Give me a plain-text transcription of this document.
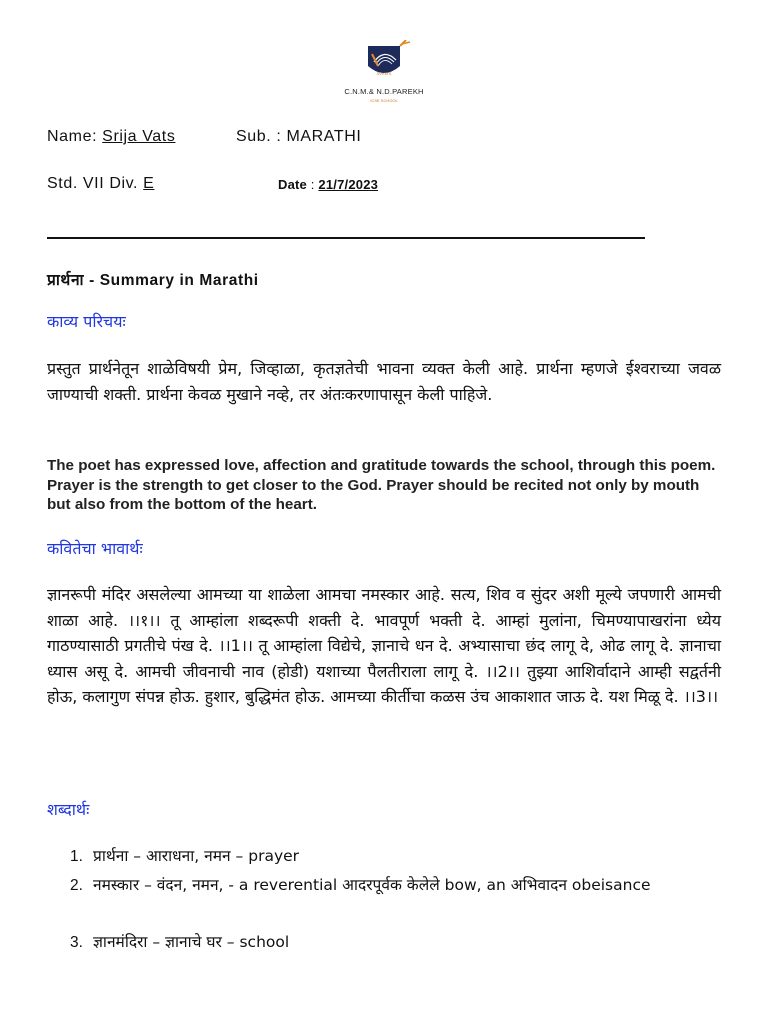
SVKM'S
C.N.M.& N.D.PAREKH
ICSE SCHOOL
Name: Srija Vats	Sub. : MARATHI
Std. VII Div. E	Date : 21/7/2023
प्रार्थना - Summary in Marathi
काव्य परिचयः

प्रस्तुत प्रार्थनेतून शाळेविषयी प्रेम, जिव्हाळा, कृतज्ञतेची भावना व्यक्त केली आहे. प्रार्थना म्हणजे ईश्वराच्या जवळ जाण्याची शक्ती. प्रार्थना केवळ मुखाने नव्हे, तर अंतःकरणापासून केली पाहिजे.

The poet has expressed love, affection and gratitude towards the school, through this poem. Prayer is the strength to get closer to the God. Prayer should be recited not only by mouth but also from the bottom of the heart.

कवितेचा भावार्थः

ज्ञानरूपी मंदिर असलेल्या आमच्या या शाळेला आमचा नमस्कार आहे. सत्य, शिव व सुंदर अशी मूल्ये जपणारी आमची शाळा आहे. ।।१।। तू आम्हांला शब्दरूपी शक्ती दे. भावपूर्ण भक्ती दे. आम्हां मुलांना, चिमण्यापाखरांना ध्येय गाठण्यासाठी प्रगतीचे पंख दे. ।।1।। तू आम्हांला विद्येचे, ज्ञानाचे धन दे. अभ्यासाचा छंद लागू दे, ओढ लागू दे. ज्ञानाचा ध्यास असू दे. आमची जीवनाची नाव (होडी) यशाच्या पैलतीराला लागू दे. ।।2।। तुझ्या आशिर्वादाने आम्ही सद्वर्तनी होऊ, कलागुण संपन्न होऊ. हुशार, बुद्धिमंत होऊ. आमच्या कीर्तीचा कळस उंच आकाशात जाऊ दे. यश मिळू दे. ।।3।।

शब्दार्थः
1. प्रार्थना – आराधना, नमन – prayer
2. नमस्कार – वंदन, नमन, - a reverential आदरपूर्वक केलेले bow, an अभिवादन obeisance
3. ज्ञानमंदिरा – ज्ञानाचे घर – school
